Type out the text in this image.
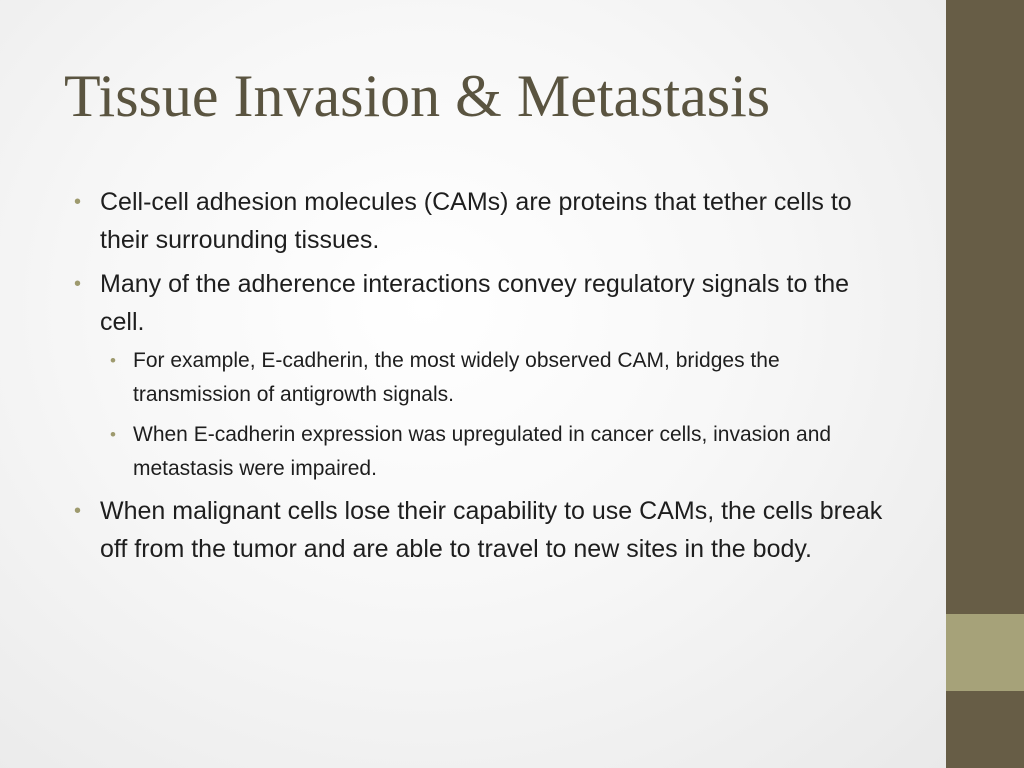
Tissue Invasion & Metastasis
• Cell-cell adhesion molecules (CAMs) are proteins that tether cells to their surrounding tissues.
• Many of the adherence interactions convey regulatory signals to the cell.
• For example, E-cadherin, the most widely observed CAM, bridges the transmission of antigrowth signals.
• When E-cadherin expression was upregulated in cancer cells, invasion and metastasis were impaired.
• When malignant cells lose their capability to use CAMs, the cells break off from the tumor and are able to travel to new sites in the body.
